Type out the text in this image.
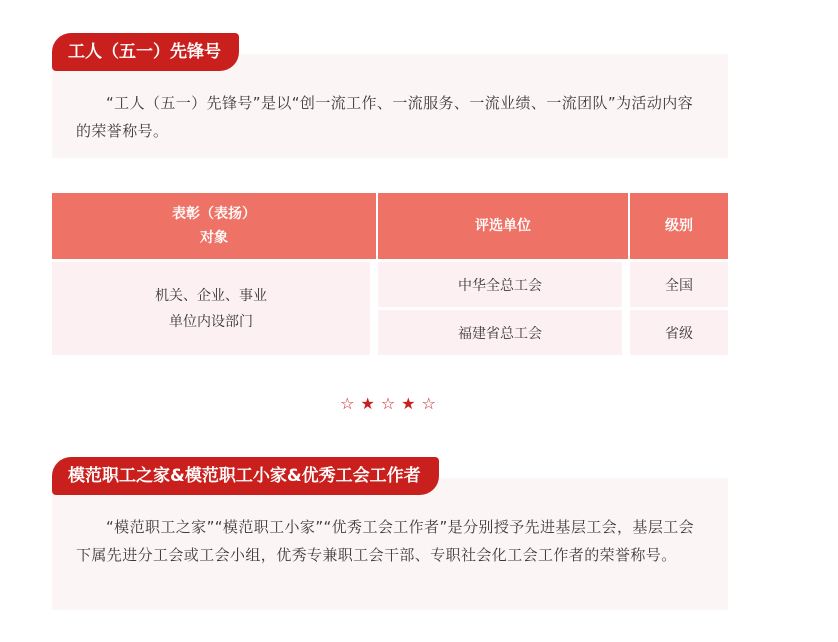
工人（五一）先锋号
“工人（五一）先锋号”是以“创一流工作、一流服务、一流业绩、一流团队”为活动内容的荣誉称号。
表彰（表扬）
对象	评选单位	级别

机关、企业、事业
单位内设部门	中华全总工会	全国
	福建省总工会	省级
☆★☆★☆
模范职工之家&模范职工小家&优秀工会工作者
“模范职工之家”“模范职工小家”“优秀工会工作者”是分别授予先进基层工会，基层工会下属先进分工会或工会小组，优秀专兼职工会干部、专职社会化工会工作者的荣誉称号。
